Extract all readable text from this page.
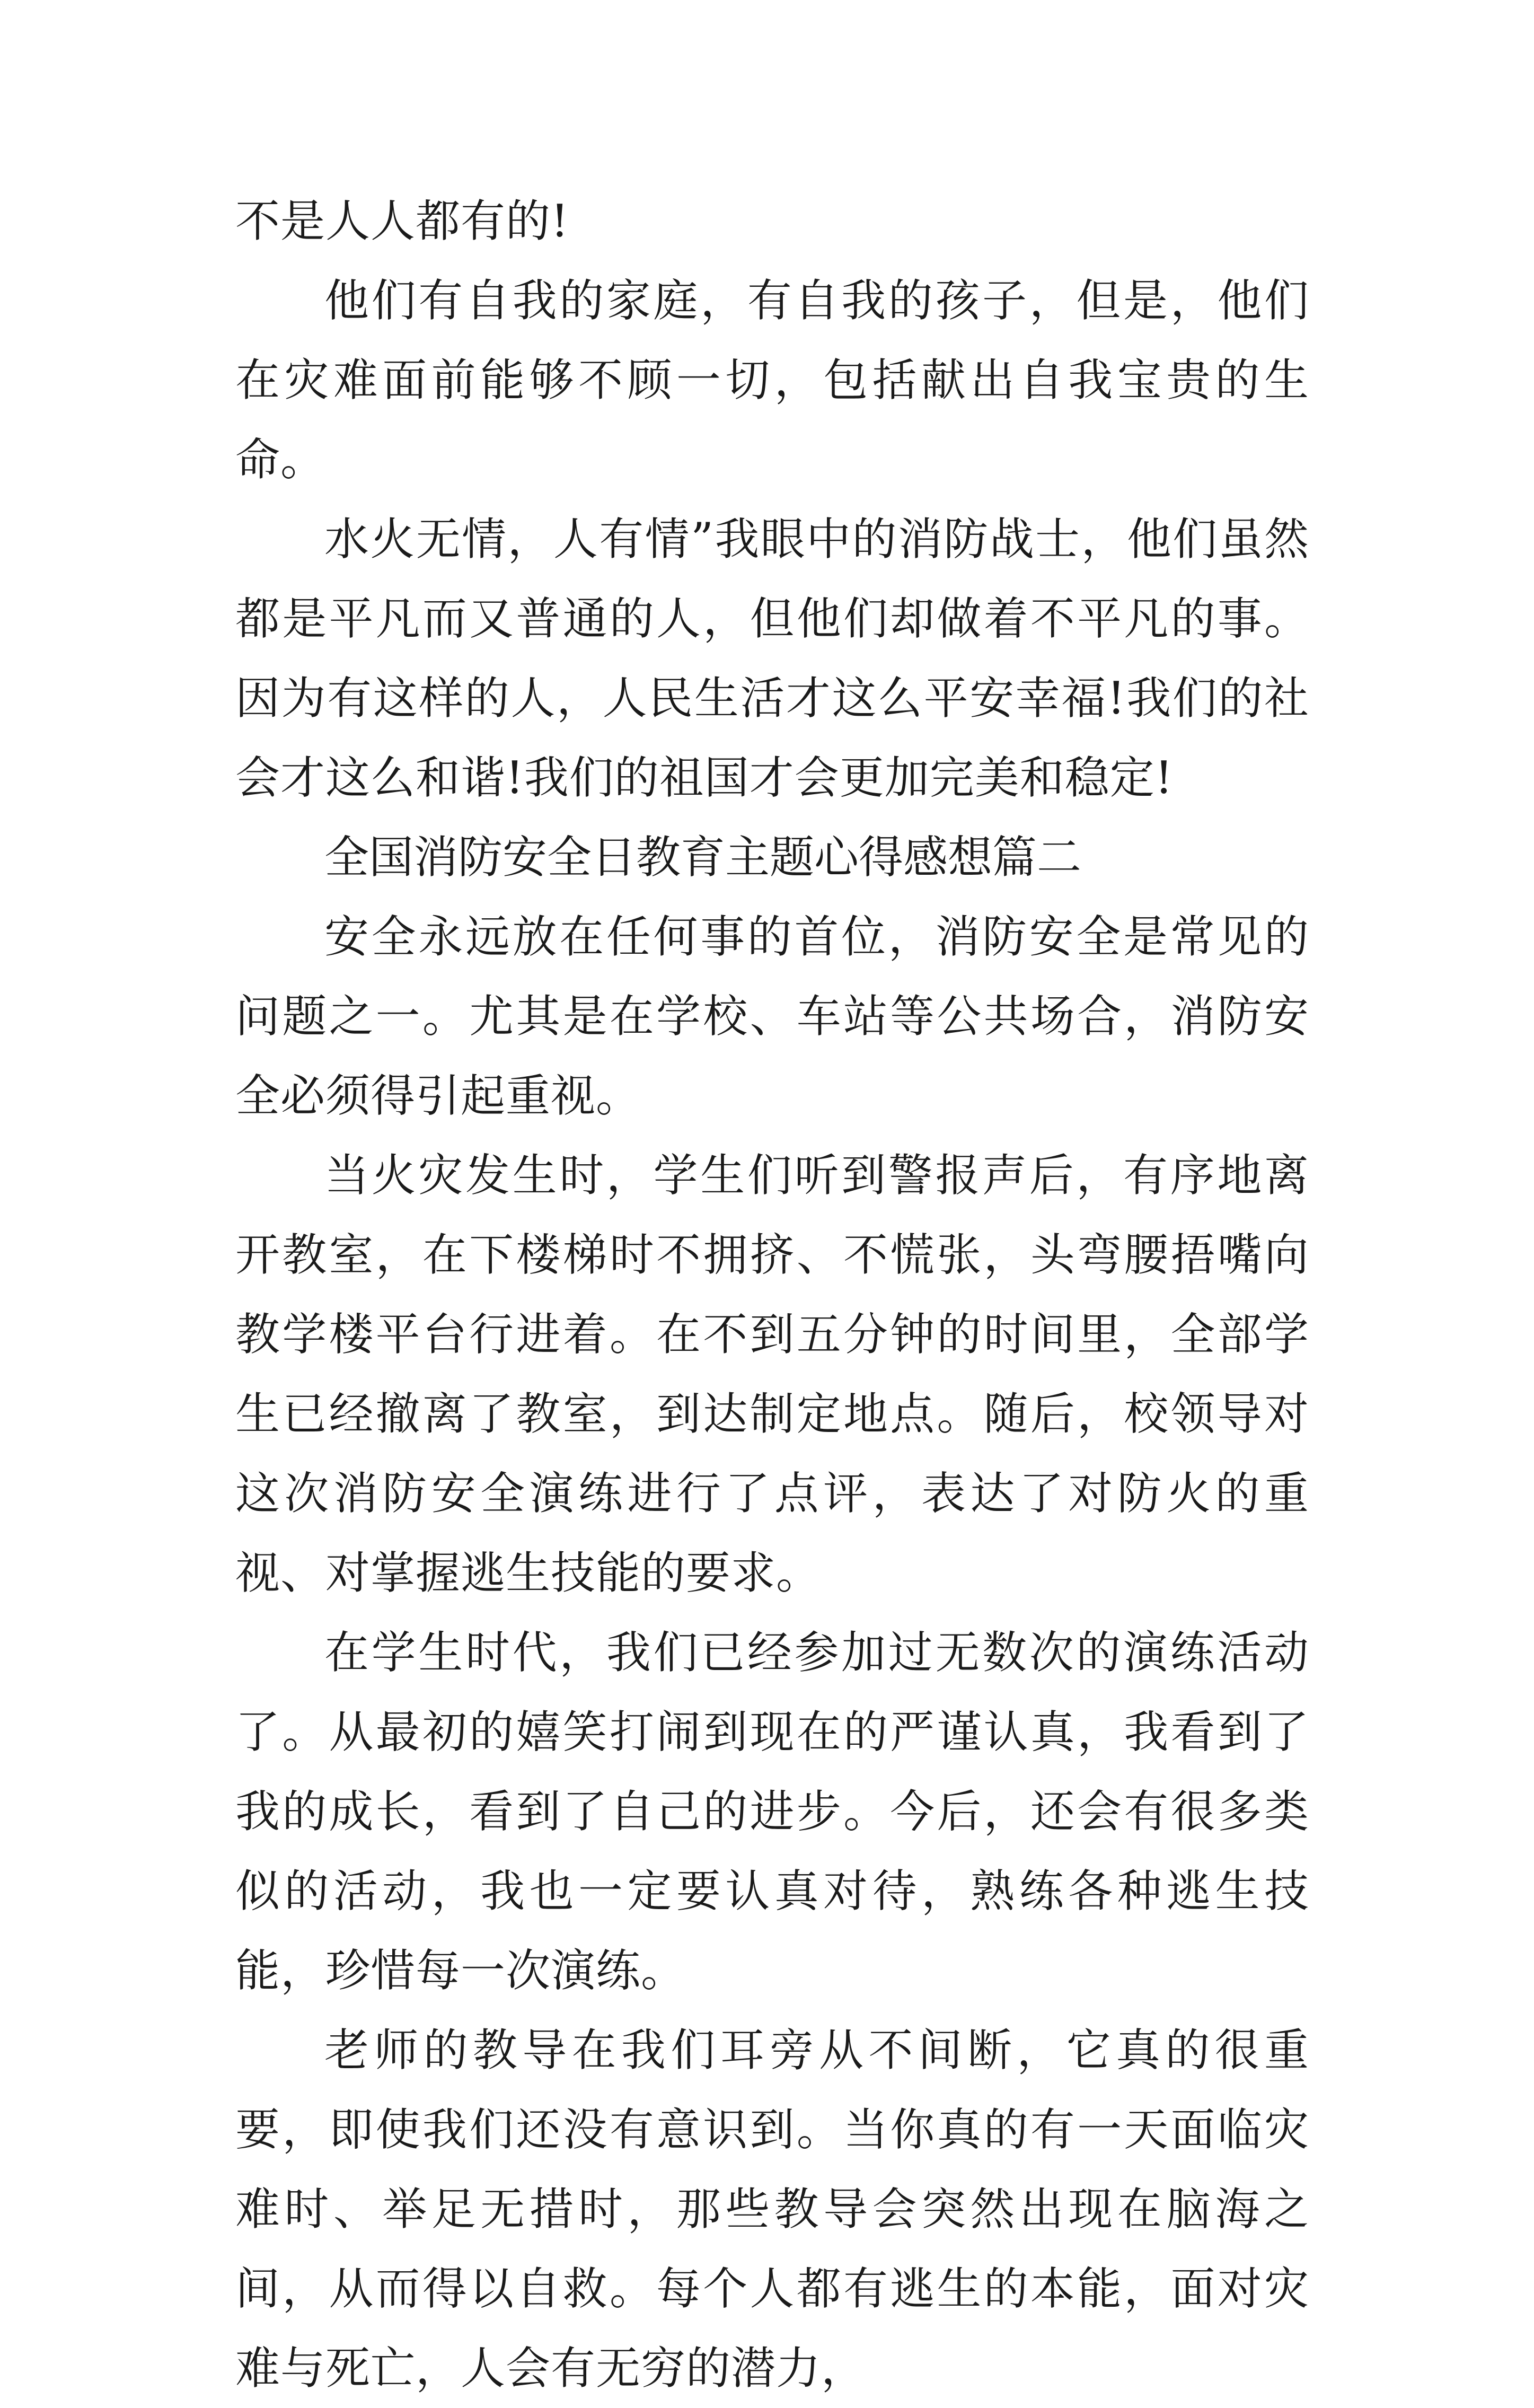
不是人人都有的!

他们有自我的家庭，有自我的孩子，但是，他们在灾难面前能够不顾一切，包括献出自我宝贵的生命。

水火无情，人有情”我眼中的消防战士，他们虽然都是平凡而又普通的人，但他们却做着不平凡的事。因为有这样的人，人民生活才这么平安幸福!我们的社会才这么和谐!我们的祖国才会更加完美和稳定!

全国消防安全日教育主题心得感想篇二

安全永远放在任何事的首位，消防安全是常见的问题之一。尤其是在学校、车站等公共场合，消防安全必须得引起重视。

当火灾发生时，学生们听到警报声后，有序地离开教室，在下楼梯时不拥挤、不慌张，头弯腰捂嘴向教学楼平台行进着。在不到五分钟的时间里，全部学生已经撤离了教室，到达制定地点。随后，校领导对这次消防安全演练进行了点评，表达了对防火的重视、对掌握逃生技能的要求。

在学生时代，我们已经参加过无数次的演练活动了。从最初的嬉笑打闹到现在的严谨认真，我看到了我的成长，看到了自己的进步。今后，还会有很多类似的活动，我也一定要认真对待，熟练各种逃生技能，珍惜每一次演练。

老师的教导在我们耳旁从不间断，它真的很重要，即使我们还没有意识到。当你真的有一天面临灾难时、举足无措时，那些教导会突然出现在脑海之间，从而得以自救。每个人都有逃生的本能，面对灾难与死亡，人会有无穷的潜力，
